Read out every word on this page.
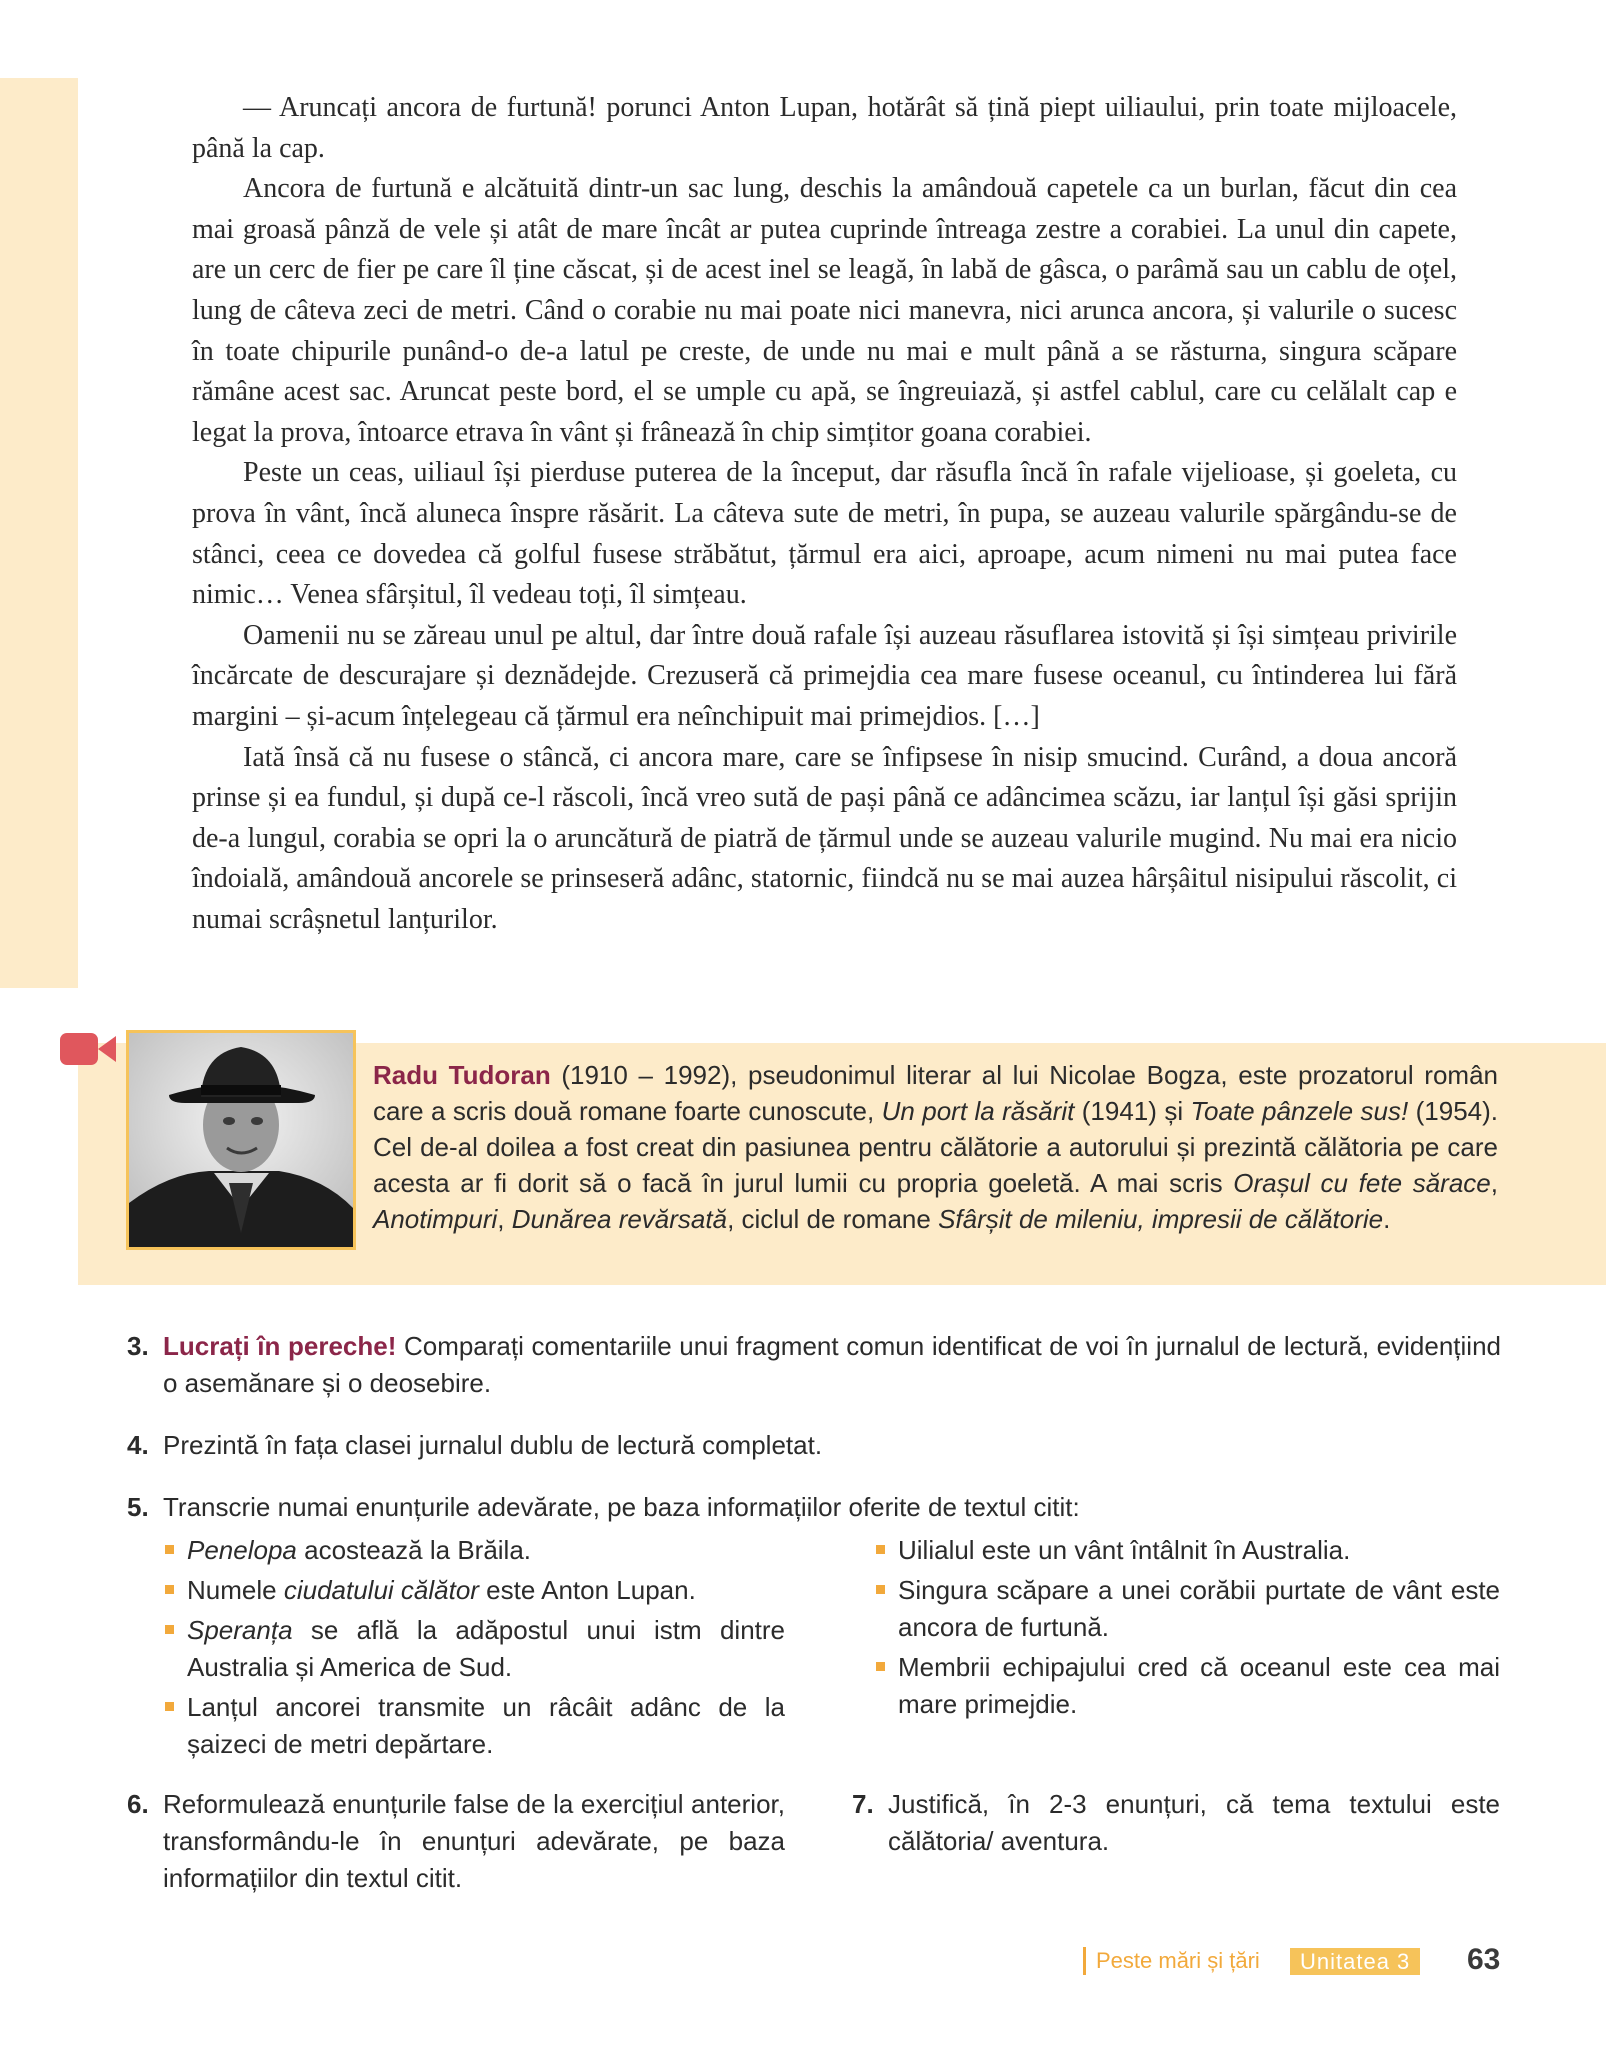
— Aruncați ancora de furtună! porunci Anton Lupan, hotărât să țină piept uiliaului, prin toate mijloacele, până la cap.

Ancora de furtună e alcătuită dintr-un sac lung, deschis la amândouă capetele ca un burlan, făcut din cea mai groasă pânză de vele și atât de mare încât ar putea cuprinde întreaga zestre a corabiei. La unul din capete, are un cerc de fier pe care îl ține căscat, și de acest inel se leagă, în labă de gâsca, o parâmă sau un cablu de oțel, lung de câteva zeci de metri. Când o corabie nu mai poate nici manevra, nici arunca ancora, și valurile o sucesc în toate chipurile punând-o de-a latul pe creste, de unde nu mai e mult până a se răsturna, singura scăpare rămâne acest sac. Aruncat peste bord, el se umple cu apă, se îngreuiază, și astfel cablul, care cu celălalt cap e legat la prova, întoarce etrava în vânt și frânează în chip simțitor goana corabiei.

Peste un ceas, uiliaul își pierduse puterea de la început, dar răsufla încă în rafale vijelioase, și goeleta, cu prova în vânt, încă aluneca înspre răsărit. La câteva sute de metri, în pupa, se auzeau valurile spărgându-se de stânci, ceea ce dovedea că golful fusese străbătut, țărmul era aici, aproape, acum nimeni nu mai putea face nimic… Venea sfârșitul, îl vedeau toți, îl simțeau.

Oamenii nu se zăreau unul pe altul, dar între două rafale își auzeau răsuflarea istovită și își simțeau privirile încărcate de descurajare și deznădejde. Crezuseră că primejdia cea mare fusese oceanul, cu întinderea lui fără margini – și-acum înțelegeau că țărmul era neînchipuit mai primejdios. […]

Iată însă că nu fusese o stâncă, ci ancora mare, care se înfipsese în nisip smucind. Curând, a doua ancoră prinse și ea fundul, și după ce-l răscoli, încă vreo sută de pași până ce adâncimea scăzu, iar lanțul își găsi sprijin de-a lungul, corabia se opri la o aruncătură de piatră de țărmul unde se auzeau valurile mugind. Nu mai era nicio îndoială, amândouă ancorele se prinseseră adânc, statornic, fiindcă nu se mai auzea hârșâitul nisipului răscolit, ci numai scrâșnetul lanțurilor.

Radu Tudoran (1910 – 1992), pseudonimul literar al lui Nicolae Bogza, este prozatorul român care a scris două romane foarte cunoscute, Un port la răsărit (1941) și Toate pânzele sus! (1954). Cel de-al doilea a fost creat din pasiunea pentru călătorie a autorului și prezintă călătoria pe care acesta ar fi dorit să o facă în jurul lumii cu propria goeletă. A mai scris Orașul cu fete sărace, Anotimpuri, Dunărea revărsată, ciclul de romane Sfârșit de mileniu, impresii de călătorie.
3. Lucrați în pereche! Comparați comentariile unui fragment comun identificat de voi în jurnalul de lectură, evidențiind o asemănare și o deosebire.
4. Prezintă în fața clasei jurnalul dublu de lectură completat.
5. Transcrie numai enunțurile adevărate, pe baza informațiilor oferite de textul citit:
Penelopa acostează la Brăila.
Numele ciudatului călător este Anton Lupan.
Speranța se află la adăpostul unui istm dintre Australia și America de Sud.
Lanțul ancorei transmite un râcâit adânc de la șaizeci de metri depărtare.
Uilialul este un vânt întâlnit în Australia.
Singura scăpare a unei corăbii purtate de vânt este ancora de furtună.
Membrii echipajului cred că oceanul este cea mai mare primejdie.
6. Reformulează enunțurile false de la exercițiul anterior, transformându-le în enunțuri adevărate, pe baza informațiilor din textul citit.
7. Justifică, în 2-3 enunțuri, că tema textului este călătoria/ aventura.
Peste mări și țări	Unitatea 3	63
